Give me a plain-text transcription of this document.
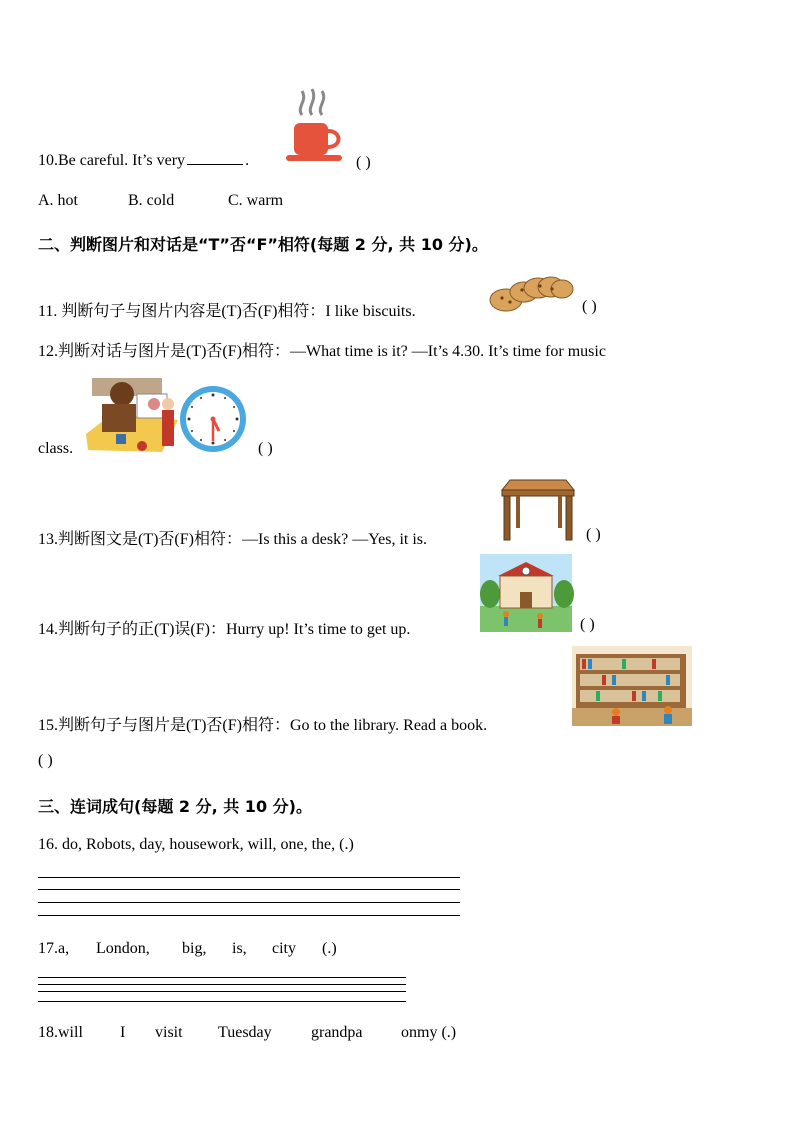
10.Be careful. It’s very	.	( )
A. hot	B. cold	C. warm
二、判断图片和对话是“T”否“F”相符(每题 2 分, 共 10 分)。
11. 判断句子与图片内容是(T)否(F)相符：I like biscuits.	( )
12.判断对话与图片是(T)否(F)相符：—What time is it? —It’s 4.30. It’s time for music
class.	( )
13.判断图文是(T)否(F)相符：—Is this a desk? —Yes, it is.	( )
14.判断句子的正(T)误(F)：Hurry up! It’s time to get up.	( )
15.判断句子与图片是(T)否(F)相符：Go to the library. Read a book.
( )
三、连词成句(每题 2 分, 共 10 分)。
16. do, Robots, day, housework, will, one, the, (.)
17.a, London, big, is, city (.)
18.will I visit Tuesday grandpa onmy (.)
